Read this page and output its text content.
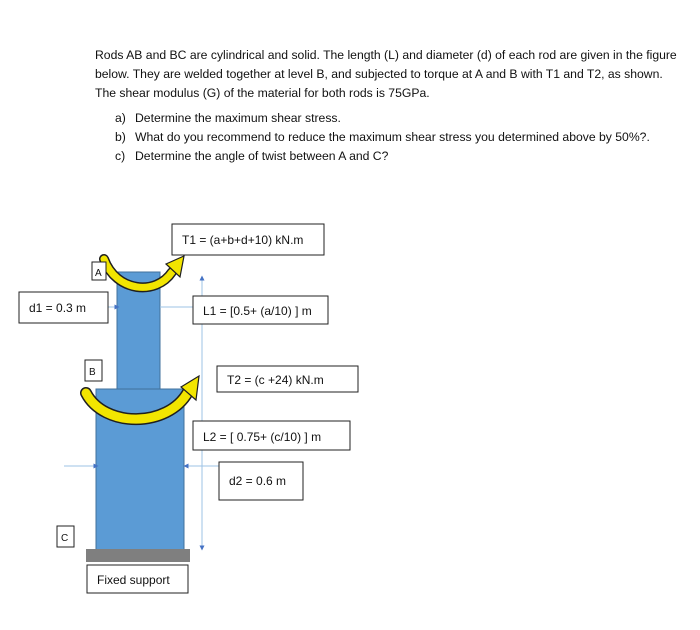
Rods AB and BC are cylindrical and solid. The length (L) and diameter (d) of each rod are given in the figure below. They are welded together at level B, and subjected to torque at A and B with T1 and T2, as shown. The shear modulus (G) of the material for both rods is 75GPa.

a) Determine the maximum shear stress.
b) What do you recommend to reduce the maximum shear stress you determined above by 50%?.
c) Determine the angle of twist between A and C?
T1 = (a+b+d+10) kN.m
L1 = [0.5+ (a/10) ] m
d1 = 0.3 m
T2 = (c +24) kN.m
L2 = [ 0.75+ (c/10) ] m
d2 = 0.6 m
Fixed support
A
B
C
